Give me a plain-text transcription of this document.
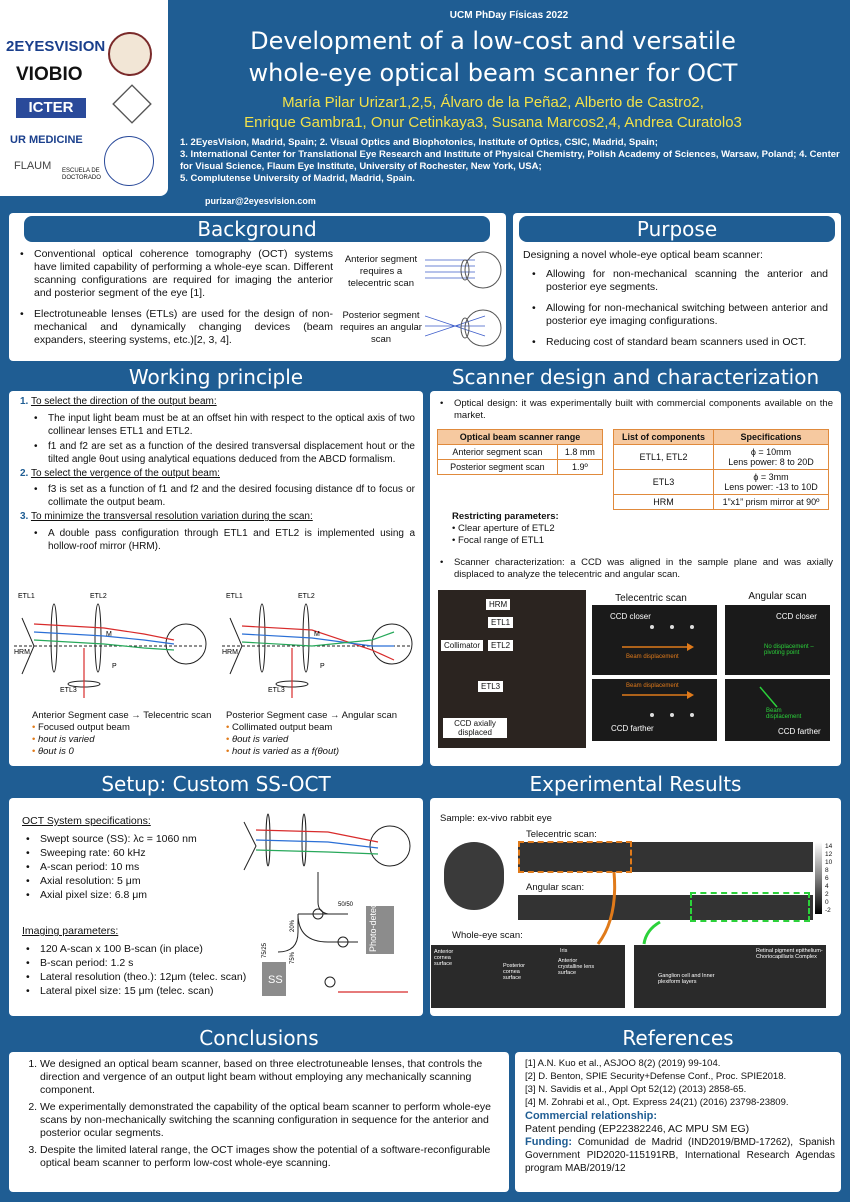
2EYESVISION
VIOBIO
ICTER
UR MEDICINE
FLAUM ESCUELA DE DOCTORADO
UCM PhDay Físicas 2022
Development of a low-cost and versatile
whole-eye optical beam scanner for OCT
María Pilar Urizar1,2,5, Álvaro de la Peña2, Alberto de Castro2,
Enrique Gambra1, Onur Cetinkaya3, Susana Marcos2,4, Andrea Curatolo3
1. 2EyesVision, Madrid, Spain; 2. Visual Optics and Biophotonics, Institute of Optics, CSIC, Madrid, Spain;
3. International Center for Translational Eye Research and Institute of Physical Chemistry, Polish Academy of Sciences, Warsaw, Poland; 4. Center for Visual Science, Flaum Eye Institute, University of Rochester, New York, USA;
5. Complutense University of Madrid, Madrid, Spain.
purizar@2eyesvision.com
Background
• Conventional optical coherence tomography (OCT) systems have limited capability of performing a whole-eye scan. Different scanning configurations are required for imaging the anterior and posterior segment of the eye [1].
• Electrotuneable lenses (ETLs) are used for the design of non-mechanical and dynamically changing devices (beam expanders, steering systems, etc.)[2, 3, 4].
Anterior segment requires a telecentric scan
Posterior segment requires an angular scan
Purpose
Designing a novel whole-eye optical beam scanner:
• Allowing for non-mechanical scanning the anterior and posterior eye segments.
• Allowing for non-mechanical switching between anterior and posterior eye imaging configurations.
• Reducing cost of standard beam scanners used in OCT.
Working principle
1. To select the direction of the output beam:
• The input light beam must be at an offset hin with respect to the optical axis of two collinear lenses ETL1 and ETL2.
• f1 and f2 are set as a function of the desired transversal displacement hout or the tilted angle θout using analytical equations deduced from the ABCD formalism.
2. To select the vergence of the output beam:
• f3 is set as a function of f1 and f2 and the desired focusing distance df to focus or collimate the output beam.
3. To minimize the transversal resolution variation during the scan:
• A double pass configuration through ETL1 and ETL2 is implemented using a hollow-roof mirror (HRM).
ETL1	ETL2
HRM
ETL3
M
P
ETL1	ETL2
HRM
ETL3
M
P
Anterior Segment case → Telecentric scan
• Focused output beam
• hout is varied
• θout is 0
Posterior Segment case → Angular scan
• Collimated output beam
• θout is varied
• hout is varied as a f(θout)
Scanner design and characterization
• Optical design: it was experimentally built with commercial components available on the market.
Optical beam scanner range	
Anterior segment scan	1.8 mm
Posterior segment scan	1.9º
List of components	Specifications
ETL1, ETL2	ϕ = 10mm
Lens power: 8 to 20D
ETL3	ϕ = 3mm
Lens power: -13 to 10D
HRM	1”x1” prism mirror at 90º
Restricting parameters:
• Clear aperture of ETL2
• Focal range of ETL1
• Scanner characterization: a CCD was aligned in the sample plane and was axially displaced to analyze the telecentric and angular scan.
HRM
ETL1
Collimator	ETL2
ETL3
CCD axially displaced
Telecentric scan	Angular scan
CCD closer	CCD closer
CCD farther	CCD farther
Beam displacement
No displacement – pivoting point
Beam displacement
Beam displacement
Setup: Custom SS-OCT
OCT System specifications:
• Swept source (SS): λc = 1060 nm
• Sweeping rate: 60 kHz
• A-scan period: 10 ms
• Axial resolution: 5 μm
• Axial pixel size: 6.8 μm
Imaging parameters:
• 120 A-scan x 100 B-scan (in place)
• B-scan period: 1.2 s
• Lateral resolution (theo.): 12μm (telec. scan)
• Lateral pixel size: 15 μm (telec. scan)
SS
Photo-detector
50/50
75/25
20%
75%
Experimental Results
Sample: ex-vivo rabbit eye
Telecentric scan:
Angular scan:
14
12
10
8
6
4
2
0
-2
Whole-eye scan:
Anterior cornea surface	Posterior cornea surface
Iris
Anterior crystalline lens surface	Ganglion cell and Inner plexiform layers
Retinal pigment epithelium-Choriocapillaris Complex
Conclusions
1. We designed an optical beam scanner, based on three electrotuneable lenses, that controls the direction and vergence of an output light beam without employing any mechanically scanning component.
2. We experimentally demonstrated the capability of the optical beam scanner to perform whole-eye scans by non-mechanically switching the scanning configuration in sequence for the anterior and posterior ocular segments.
3. Despite the limited lateral range, the OCT images show the potential of a software-reconfigurable optical beam scanner to perform low-cost whole-eye scanning.
References
[1] A.N. Kuo et al., ASJOO 8(2) (2019) 99-104.
[2] D. Benton, SPIE Security+Defense Conf., Proc. SPIE2018.
[3] N. Savidis et al., Appl Opt 52(12) (2013) 2858-65.
[4] M. Zohrabi et al., Opt. Express 24(21) (2016) 23798-23809.
Commercial relationship:
Patent pending (EP22382246, AC MPU SM EG)
Funding: Comunidad de Madrid (IND2019/BMD-17262), Spanish Government PID2020-115191RB, International Research Agendas program MAB/2019/12
